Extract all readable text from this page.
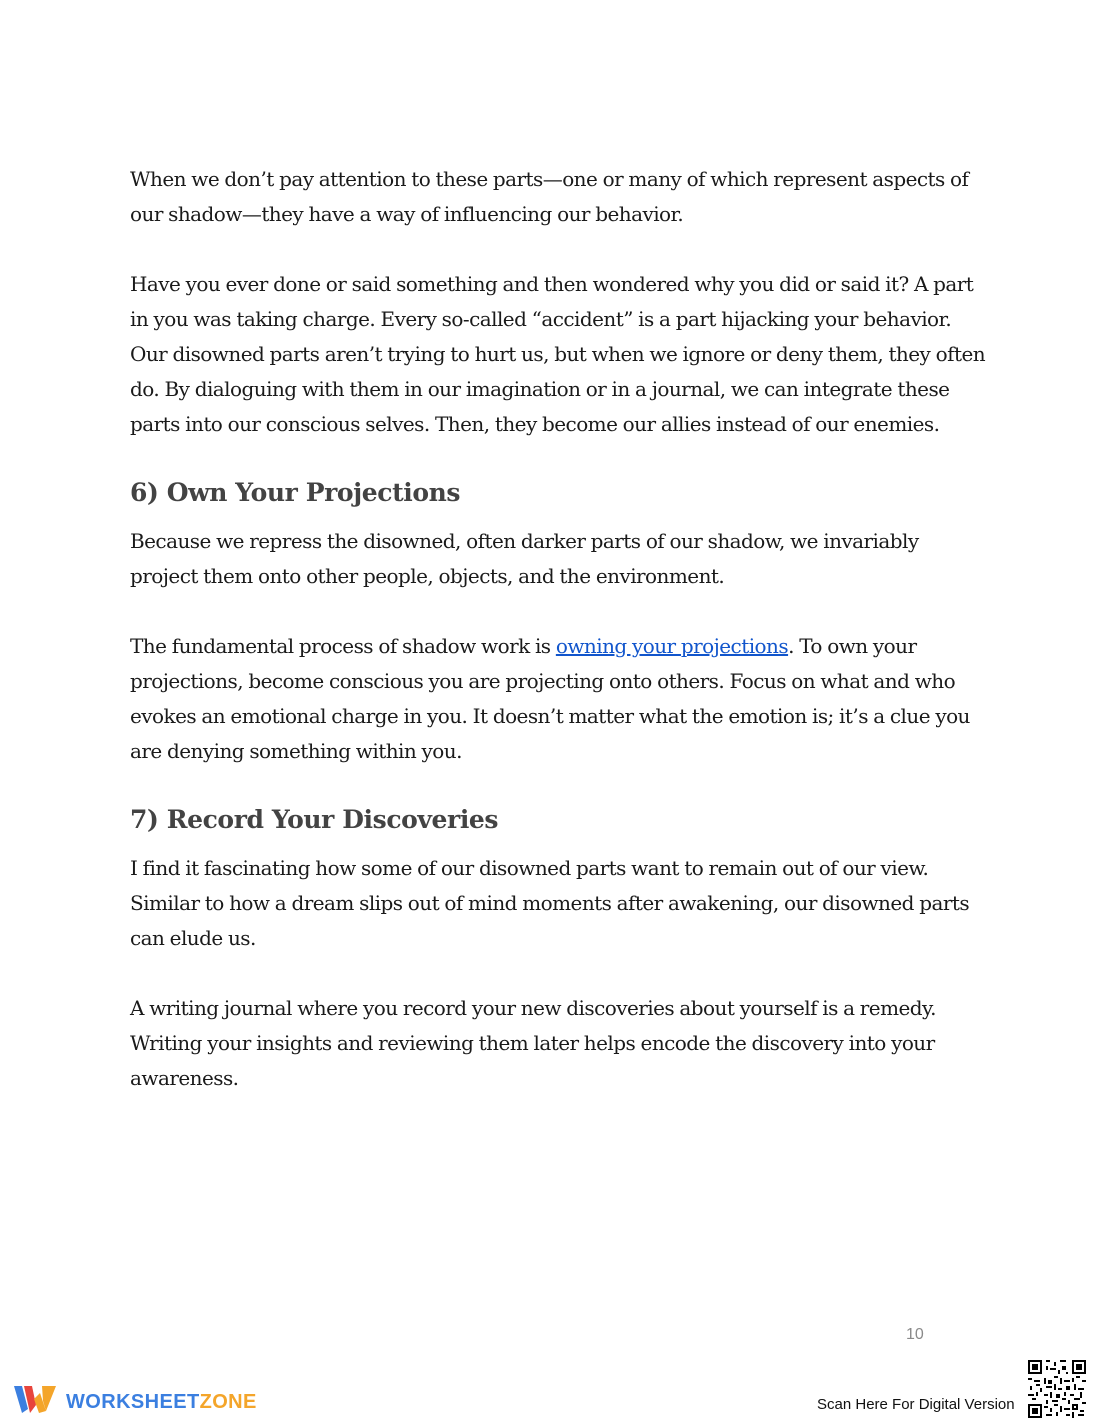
When we don’t pay attention to these parts—one or many of which represent aspects of our shadow—they have a way of influencing our behavior.

Have you ever done or said something and then wondered why you did or said it? A part in you was taking charge. Every so-called “accident” is a part hijacking your behavior. Our disowned parts aren’t trying to hurt us, but when we ignore or deny them, they often do. By dialoguing with them in our imagination or in a journal, we can integrate these parts into our conscious selves. Then, they become our allies instead of our enemies.

6) Own Your Projections

Because we repress the disowned, often darker parts of our shadow, we invariably project them onto other people, objects, and the environment.

The fundamental process of shadow work is owning your projections. To own your projections, become conscious you are projecting onto others. Focus on what and who evokes an emotional charge in you. It doesn’t matter what the emotion is; it’s a clue you are denying something within you.

7) Record Your Discoveries

I find it fascinating how some of our disowned parts want to remain out of our view. Similar to how a dream slips out of mind moments after awakening, our disowned parts can elude us.

A writing journal where you record your new discoveries about yourself is a remedy. Writing your insights and reviewing them later helps encode the discovery into your awareness.

10
WORKSHEETZONE	Scan Here For Digital Version
